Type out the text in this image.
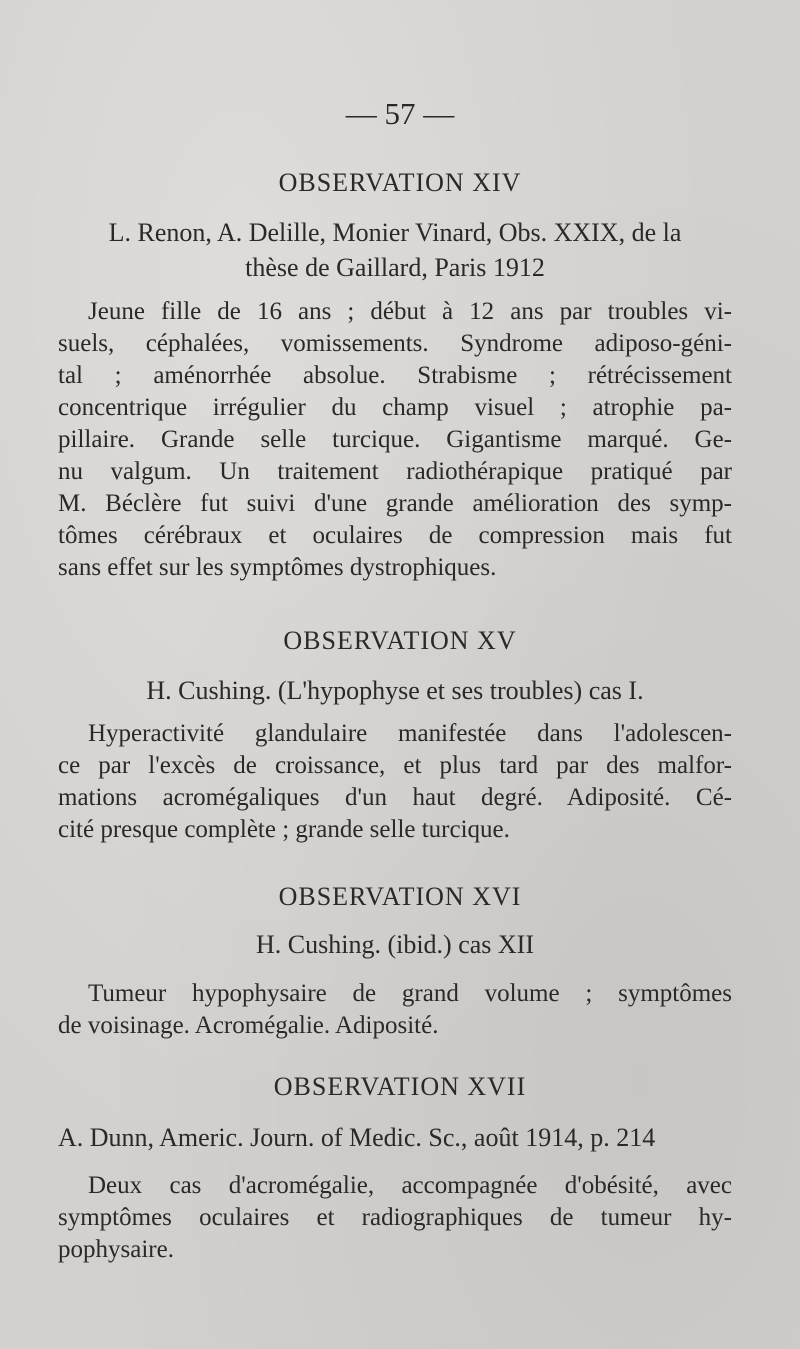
— 57 —
OBSERVATION XIV
L. Renon, A. Delille, Monier Vinard, Obs. XXIX, de la
thèse de Gaillard, Paris 1912
Jeune fille de 16 ans ; début à 12 ans par troubles vi-
suels, céphalées, vomissements. Syndrome adiposo-géni-
tal ; aménorrhée absolue. Strabisme ; rétrécissement
concentrique irrégulier du champ visuel ; atrophie pa-
pillaire. Grande selle turcique. Gigantisme marqué. Ge-
nu valgum. Un traitement radiothérapique pratiqué par
M. Béclère fut suivi d'une grande amélioration des symp-
tômes cérébraux et oculaires de compression mais fut
sans effet sur les symptômes dystrophiques.
OBSERVATION XV
H. Cushing. (L'hypophyse et ses troubles) cas I.
Hyperactivité glandulaire manifestée dans l'adolescen-
ce par l'excès de croissance, et plus tard par des malfor-
mations acromégaliques d'un haut degré. Adiposité. Cé-
cité presque complète ; grande selle turcique.
OBSERVATION XVI
H. Cushing. (ibid.) cas XII
Tumeur hypophysaire de grand volume ; symptômes
de voisinage. Acromégalie. Adiposité.
OBSERVATION XVII
A. Dunn, Americ. Journ. of Medic. Sc., août 1914, p. 214
Deux cas d'acromégalie, accompagnée d'obésité, avec
symptômes oculaires et radiographiques de tumeur hy-
pophysaire.
